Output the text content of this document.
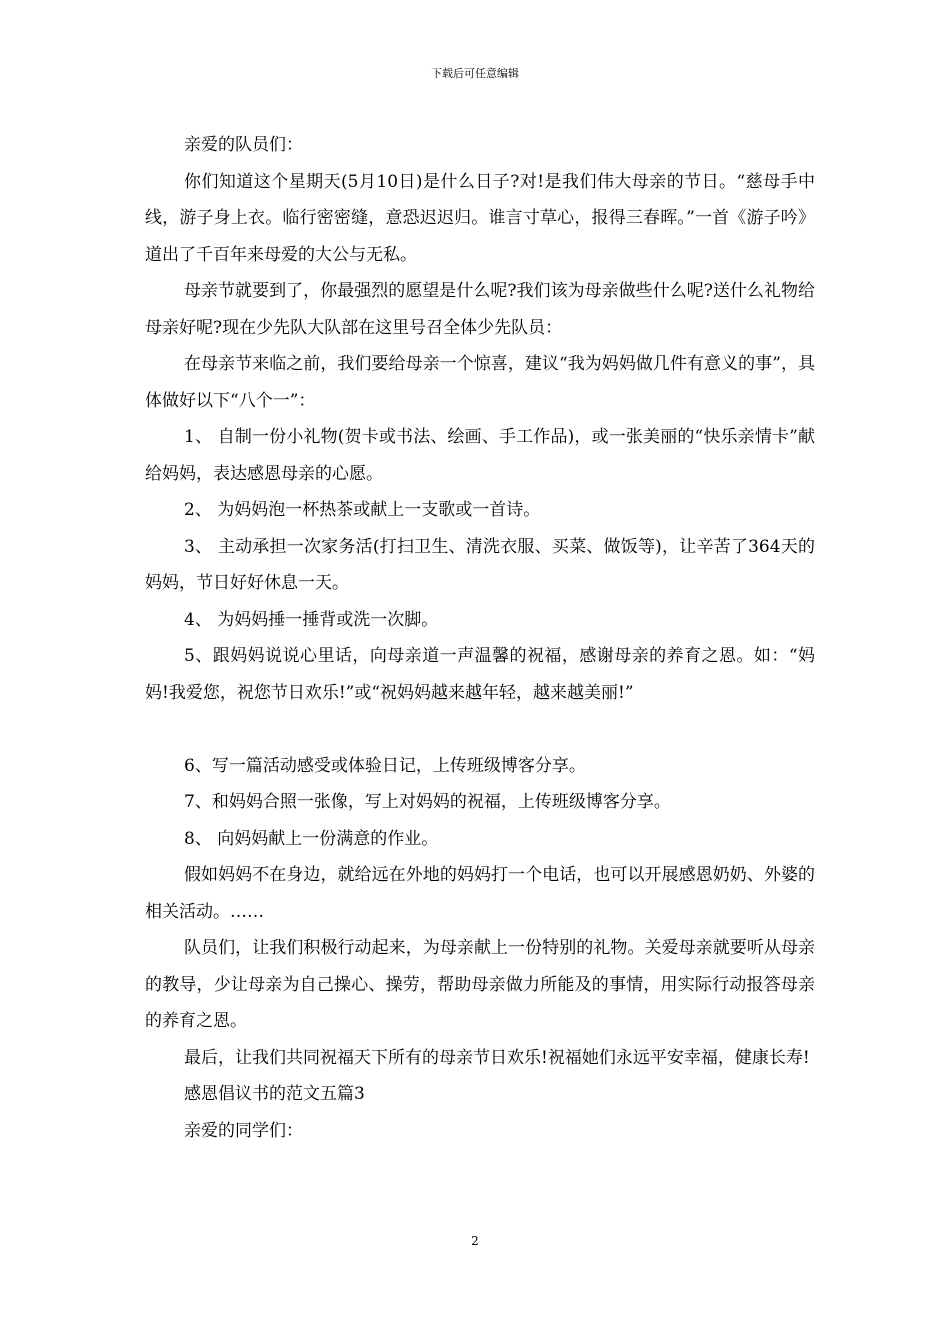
下载后可任意编辑

亲爱的队员们：

你们知道这个星期天(5月10日)是什么日子?对!是我们伟大母亲的节日。“慈母手中线，游子身上衣。临行密密缝，意恐迟迟归。谁言寸草心，报得三春晖。”一首《游子吟》道出了千百年来母爱的大公与无私。

母亲节就要到了，你最强烈的愿望是什么呢?我们该为母亲做些什么呢?送什么礼物给母亲好呢?现在少先队大队部在这里号召全体少先队员：

在母亲节来临之前，我们要给母亲一个惊喜，建议“我为妈妈做几件有意义的事”，具体做好以下“八个一”：

1、 自制一份小礼物(贺卡或书法、绘画、手工作品)，或一张美丽的“快乐亲情卡”献给妈妈，表达感恩母亲的心愿。

2、 为妈妈泡一杯热茶或献上一支歌或一首诗。

3、 主动承担一次家务活(打扫卫生、清洗衣服、买菜、做饭等)，让辛苦了364天的妈妈，节日好好休息一天。

4、 为妈妈捶一捶背或洗一次脚。

5、跟妈妈说说心里话，向母亲道一声温馨的祝福，感谢母亲的养育之恩。如：“妈妈!我爱您，祝您节日欢乐!”或“祝妈妈越来越年轻，越来越美丽!”

6、写一篇活动感受或体验日记，上传班级博客分享。

7、和妈妈合照一张像，写上对妈妈的祝福，上传班级博客分享。

8、 向妈妈献上一份满意的作业。

假如妈妈不在身边，就给远在外地的妈妈打一个电话，也可以开展感恩奶奶、外婆的相关活动。……

队员们，让我们积极行动起来，为母亲献上一份特别的礼物。关爱母亲就要听从母亲的教导，少让母亲为自己操心、操劳，帮助母亲做力所能及的事情，用实际行动报答母亲的养育之恩。

最后，让我们共同祝福天下所有的母亲节日欢乐!祝福她们永远平安幸福，健康长寿!

感恩倡议书的范文五篇3

亲爱的同学们：

2
